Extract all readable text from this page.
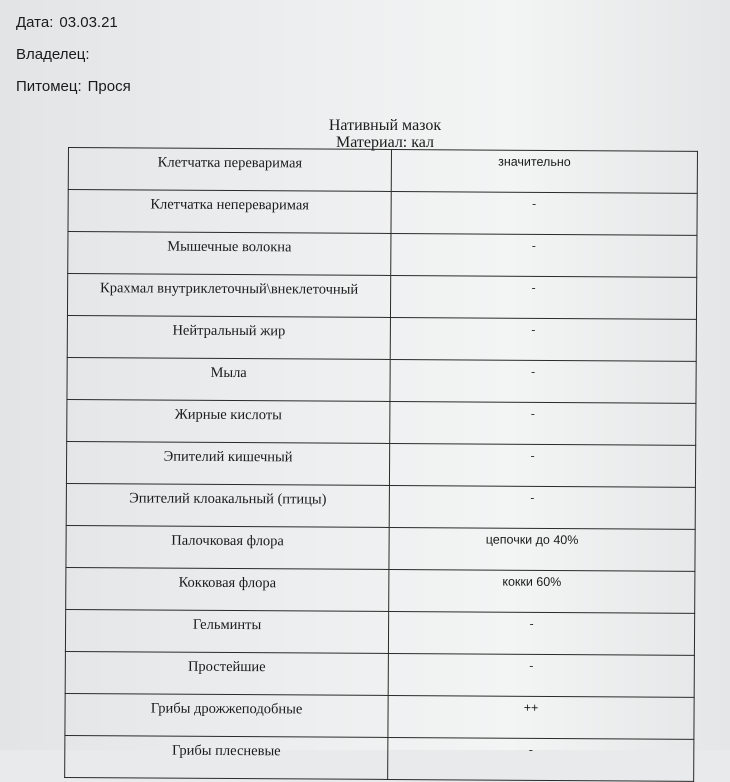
Дата: 03.03.21
Владелец:
Питомец: Прося
Нативный мазок
Материал: кал
Клетчатка переваримая	значительно
Клетчатка непереваримая	-
Мышечные волокна	-
Крахмал внутриклеточный\внеклеточный	-
Нейтральный жир	-
Мыла	-
Жирные кислоты	-
Эпителий кишечный	-
Эпителий клоакальный (птицы)	-
Палочковая флора	цепочки до 40%
Кокковая флора	кокки 60%
Гельминты	-
Простейшие	-
Грибы дрожжеподобные	++
Грибы плесневые	-
